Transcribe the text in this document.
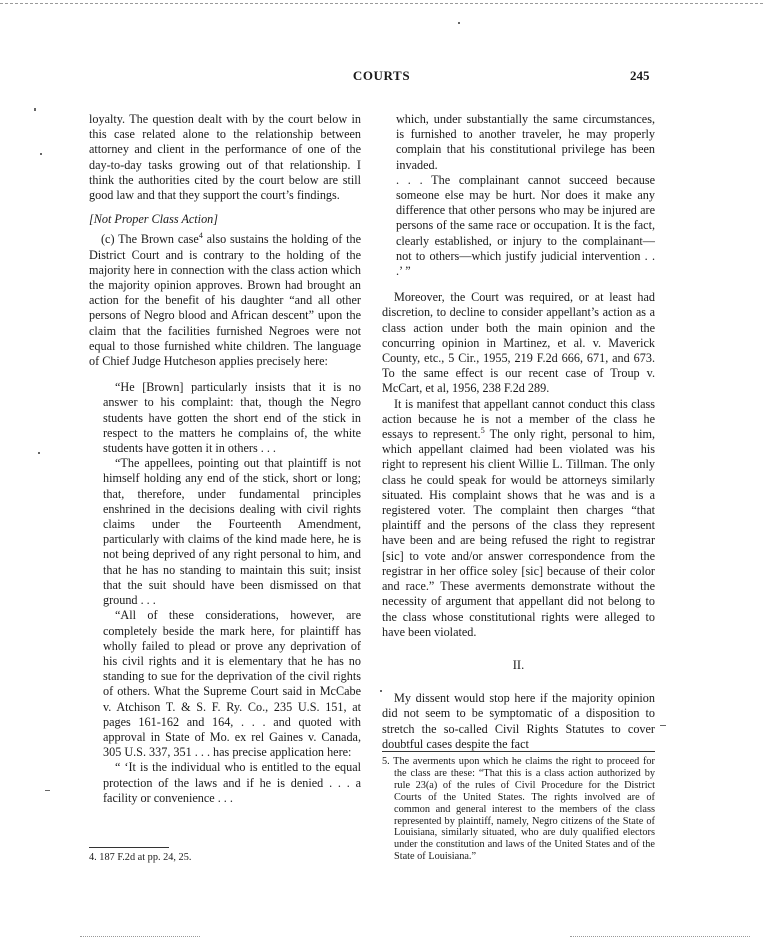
COURTS	245

loyalty. The question dealt with by the court below in this case related alone to the relationship between attorney and client in the performance of one of the day-to-day tasks growing out of that relationship. I think the authorities cited by the court below are still good law and that they support the court’s findings.

[Not Proper Class Action]

(c) The Brown case$^4$ also sustains the holding of the District Court and is contrary to the holding of the majority here in connection with the class action which the majority opinion approves. Brown had brought an action for the benefit of his daughter “and all other persons of Negro blood and African descent” upon the claim that the facilities furnished Negroes were not equal to those furnished white children. The language of Chief Judge Hutcheson applies precisely here:

“He [Brown] particularly insists that it is no answer to his complaint: that, though the Negro students have gotten the short end of the stick in respect to the matters he complains of, the white students have gotten it in others . . .

“The appellees, pointing out that plaintiff is not himself holding any end of the stick, short or long; that, therefore, under fundamental principles enshrined in the decisions dealing with civil rights claims under the Fourteenth Amendment, particularly with claims of the kind made here, he is not being deprived of any right personal to him, and that he has no standing to maintain this suit; insist that the suit should have been dismissed on that ground . . .

“All of these considerations, however, are completely beside the mark here, for plaintiff has wholly failed to plead or prove any deprivation of his civil rights and it is elementary that he has no standing to sue for the deprivation of the civil rights of others. What the Supreme Court said in McCabe v. Atchison T. & S. F. Ry. Co., 235 U.S. 151, at pages 161-162 and 164, . . . and quoted with approval in State of Mo. ex rel Gaines v. Canada, 305 U.S. 337, 351 . . . has precise application here:

“ ‘It is the individual who is entitled to the equal protection of the laws and if he is denied . . . a facility or convenience . . .

which, under substantially the same circumstances, is furnished to another traveler, he may properly complain that his constitutional privilege has been invaded.

. . . The complainant cannot succeed because someone else may be hurt. Nor does it make any difference that other persons who may be injured are persons of the same race or occupation. It is the fact, clearly established, or injury to the complainant—not to others—which justify judicial intervention . . .’ ”

Moreover, the Court was required, or at least had discretion, to decline to consider appellant’s action as a class action under both the main opinion and the concurring opinion in Martinez, et al. v. Maverick County, etc., 5 Cir., 1955, 219 F.2d 666, 671, and 673. To the same effect is our recent case of Troup v. McCart, et al, 1956, 238 F.2d 289.

It is manifest that appellant cannot conduct this class action because he is not a member of the class he essays to represent.$^5$ The only right, personal to him, which appellant claimed had been violated was his right to represent his client Willie L. Tillman. The only class he could speak for would be attorneys similarly situated. His complaint shows that he was and is a registered voter. The complaint then charges “that plaintiff and the persons of the class they represent have been and are being refused the right to registrar [sic] to vote and/or answer correspondence from the registrar in her office soley [sic] because of their color and race.” These averments demonstrate without the necessity of argument that appellant did not belong to the class whose constitutional rights were alleged to have been violated.

II.

My dissent would stop here if the majority opinion did not seem to be symptomatic of a disposition to stretch the so-called Civil Rights Statutes to cover doubtful cases despite the fact

5. The averments upon which he claims the right to proceed for the class are these: “That this is a class action authorized by rule 23(a) of the rules of Civil Procedure for the District Courts of the United States. The rights involved are of common and general interest to the members of the class represented by plaintiff, namely, Negro citizens of the State of Louisiana, similarly situated, who are duly qualified electors under the constitution and laws of the United States and of the State of Louisiana.”

4. 187 F.2d at pp. 24, 25.
